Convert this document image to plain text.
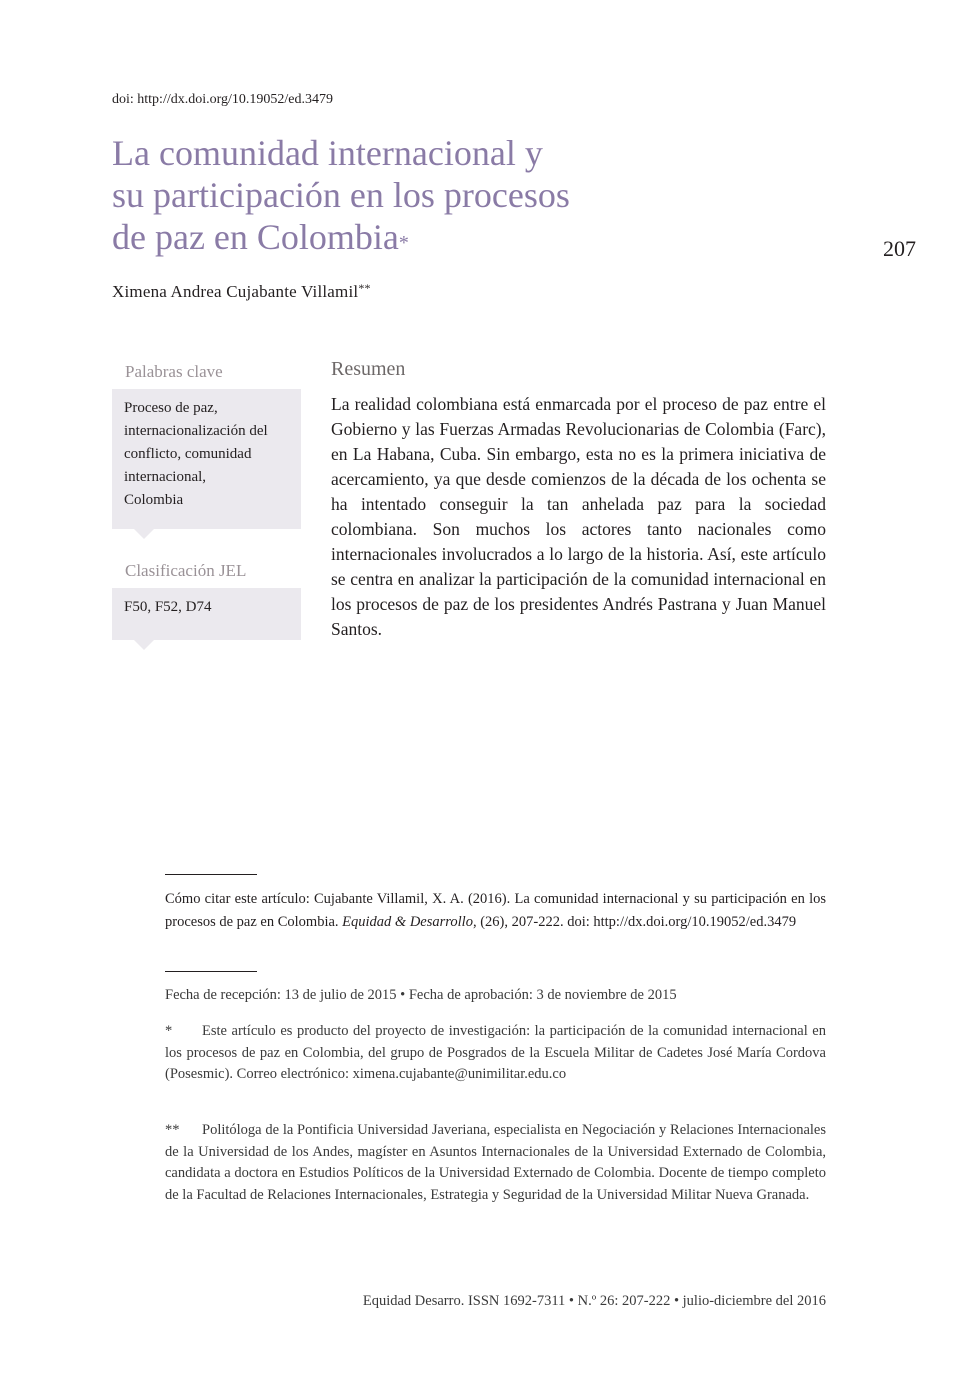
doi: http://dx.doi.org/10.19052/ed.3479
La comunidad internacional y
su participación en los procesos
de paz en Colombia*	207
Ximena Andrea Cujabante Villamil**
Palabras clave
Proceso de paz,
internacionalización del
conflicto, comunidad
internacional,
Colombia
Clasificación JEL
F50, F52, D74
Resumen

La realidad colombiana está enmarcada por el proceso de paz entre el Gobierno y las Fuerzas Armadas Revolucionarias de Colombia (Farc), en La Habana, Cuba. Sin embargo, esta no es la primera iniciativa de acercamiento, ya que desde comienzos de la década de los ochenta se ha intentado conseguir la tan anhelada paz para la sociedad colombiana. Son muchos los actores tanto nacionales como internacionales involucrados a lo largo de la historia. Así, este artículo se centra en analizar la participación de la comunidad internacional en los procesos de paz de los presidentes Andrés Pastrana y Juan Manuel Santos.

Cómo citar este artículo: Cujabante Villamil, X. A. (2016). La comunidad internacional y su participación en los procesos de paz en Colombia. Equidad & Desarrollo, (26), 207-222. doi: http://dx.doi.org/10.19052/ed.3479

Fecha de recepción: 13 de julio de 2015 • Fecha de aprobación: 3 de noviembre de 2015

* Este artículo es producto del proyecto de investigación: la participación de la comunidad internacional en los procesos de paz en Colombia, del grupo de Posgrados de la Escuela Militar de Cadetes José María Cordova (Posesmic). Correo electrónico: ximena.cujabante@unimilitar.edu.co

** Politóloga de la Pontificia Universidad Javeriana, especialista en Negociación y Relaciones Internacionales de la Universidad de los Andes, magíster en Asuntos Internacionales de la Universidad Externado de Colombia, candidata a doctora en Estudios Políticos de la Universidad Externado de Colombia. Docente de tiempo completo de la Facultad de Relaciones Internacionales, Estrategia y Seguridad de la Universidad Militar Nueva Granada.

Equidad Desarro. ISSN 1692-7311 • N.º 26: 207-222 • julio-diciembre del 2016
